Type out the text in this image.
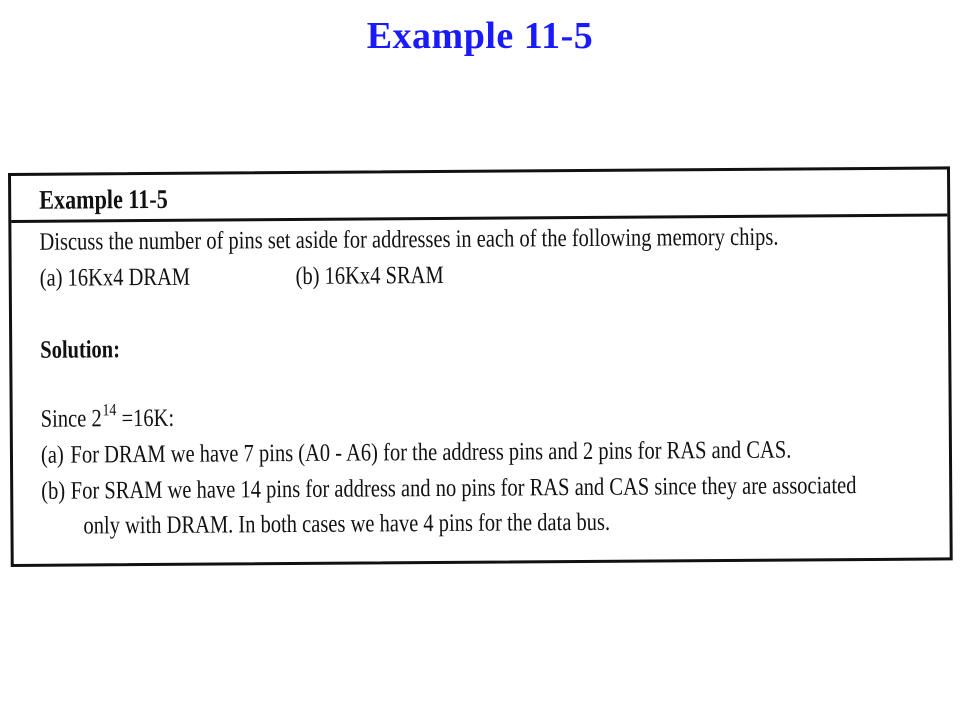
Example 11-5
Example 11-5
Discuss the number of pins set aside for addresses in each of the following memory chips.
(a) 16Kx4 DRAM	(b) 16Kx4 SRAM
Solution:
Since $2^{14} =16K$:
(a) For DRAM we have 7 pins (A0 - A6) for the address pins and 2 pins for RAS and CAS.
(b) For SRAM we have 14 pins for address and no pins for RAS and CAS since they are associated
only with DRAM. In both cases we have 4 pins for the data bus.
